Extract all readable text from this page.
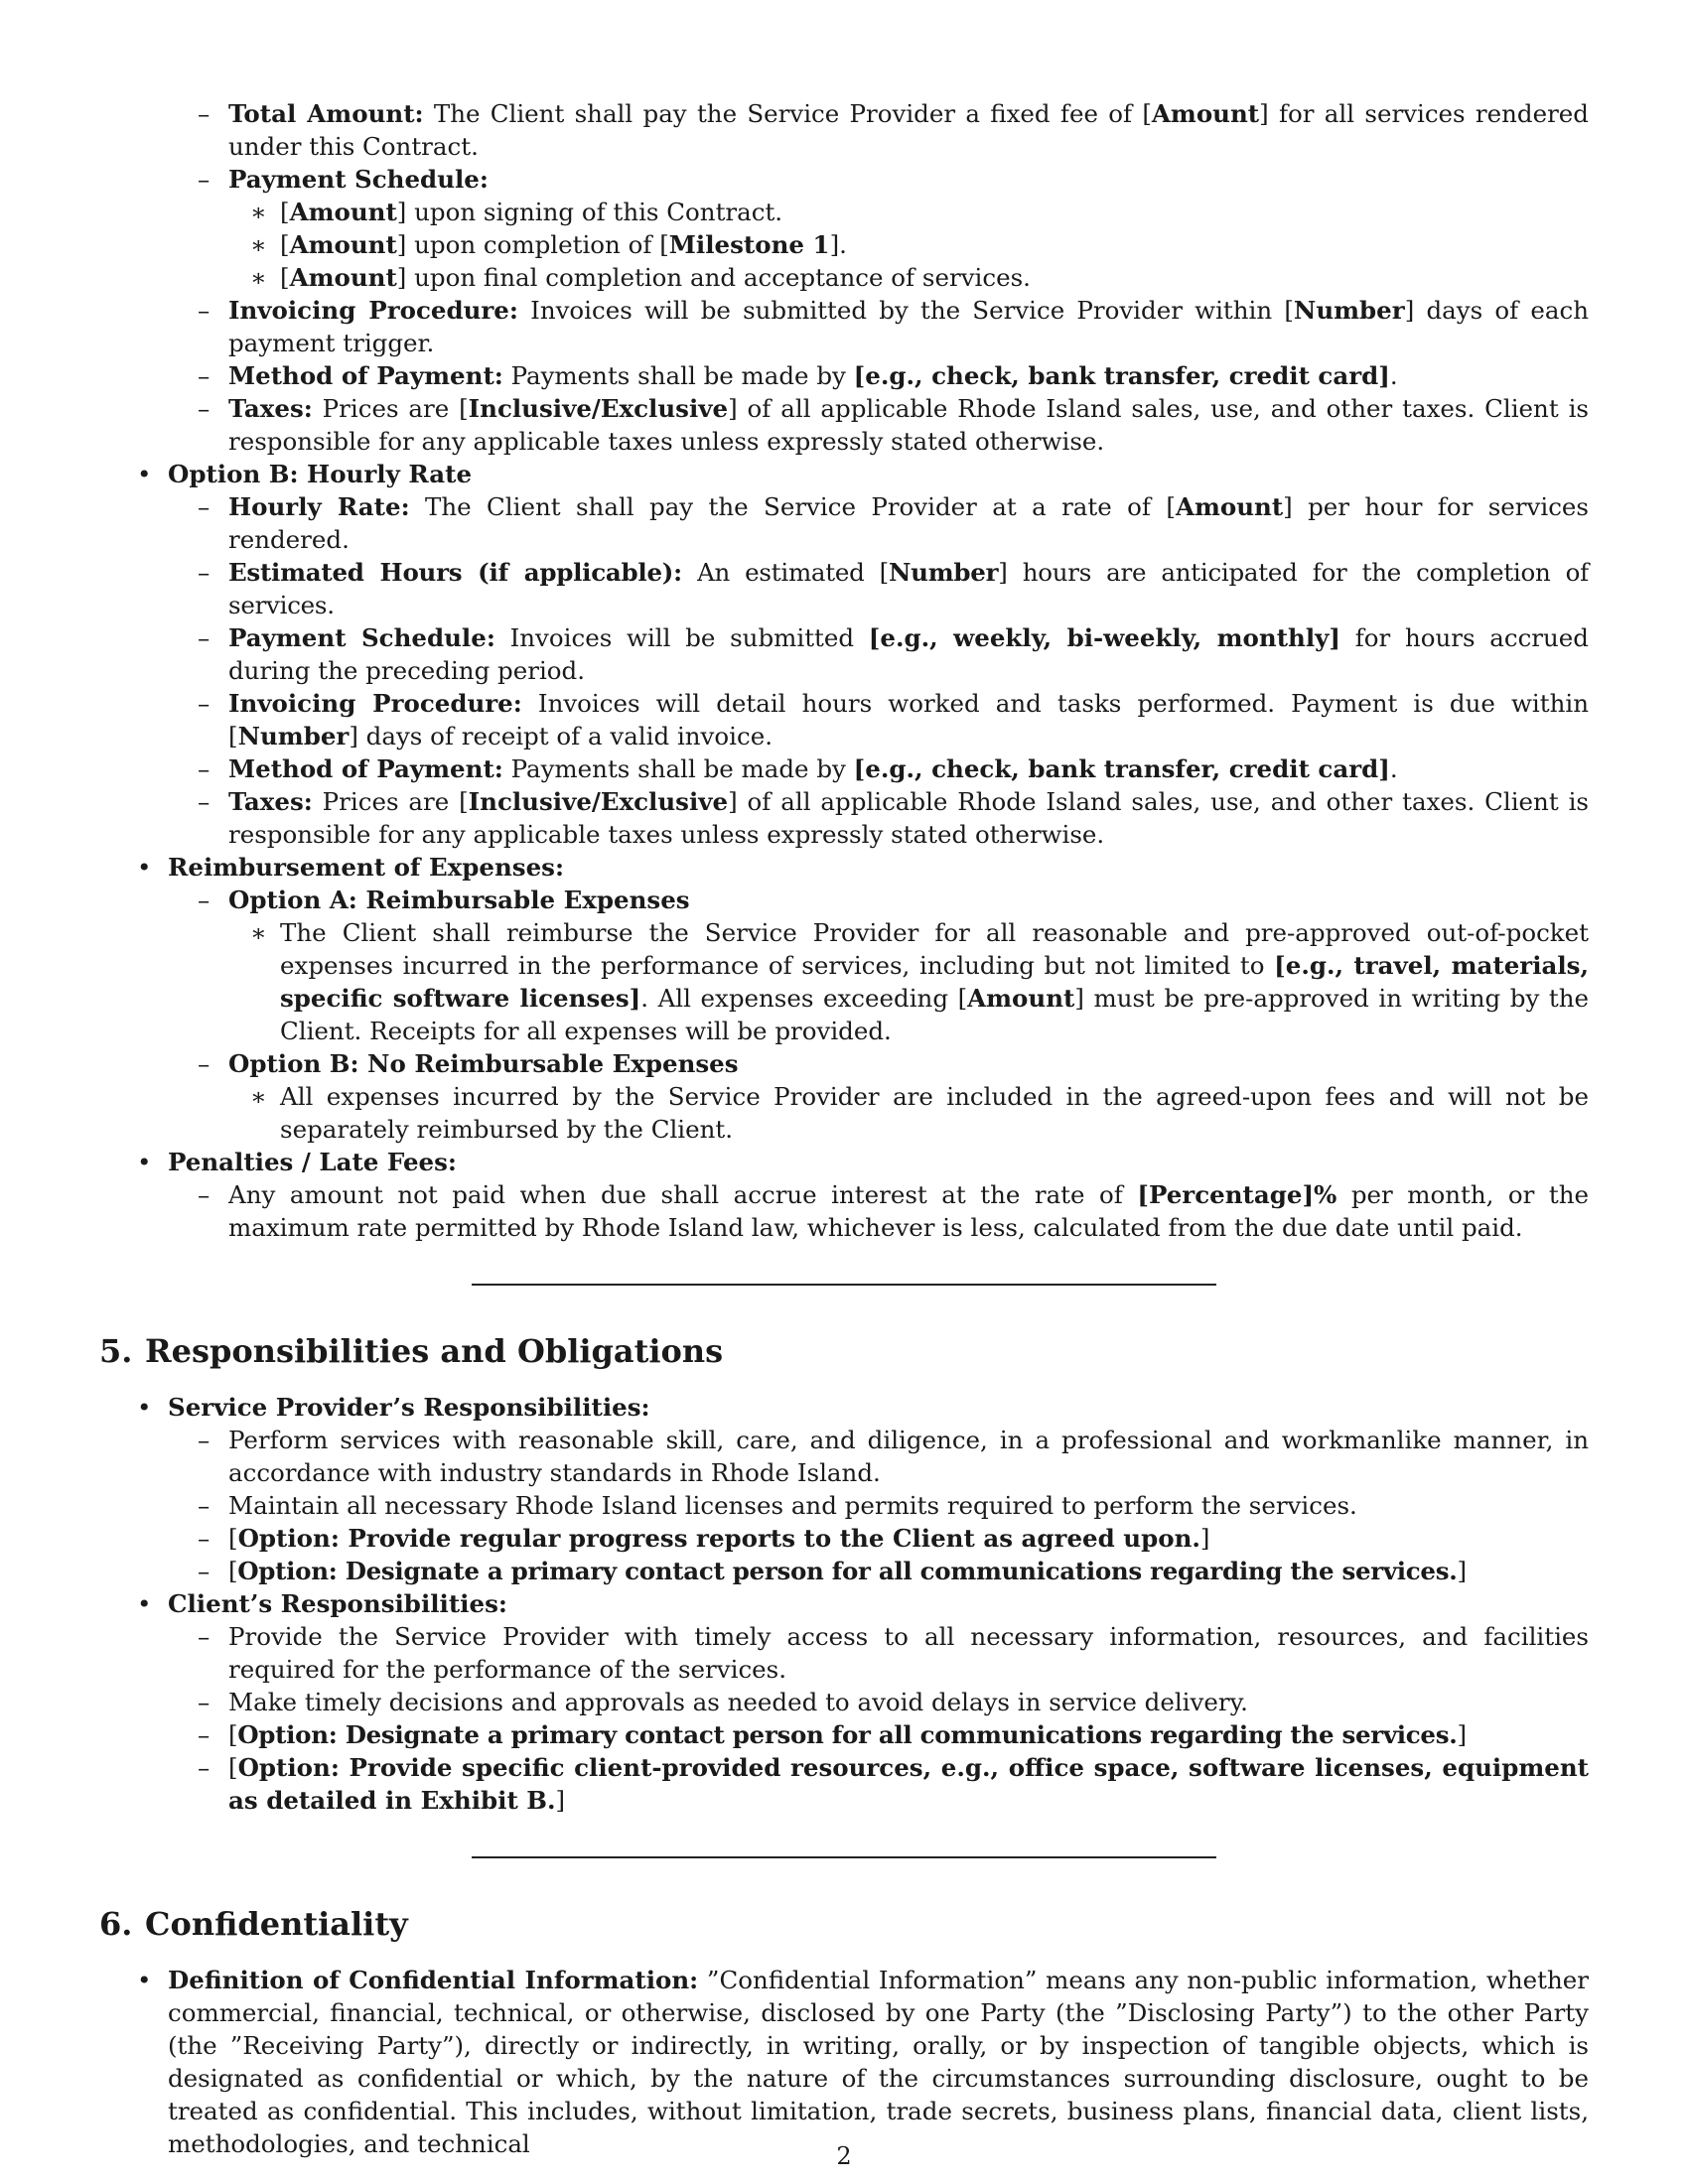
– Total Amount: The Client shall pay the Service Provider a fixed fee of [Amount] for all services rendered under this Contract.
– Payment Schedule:
∗ [Amount] upon signing of this Contract.
∗ [Amount] upon completion of [Milestone 1].
∗ [Amount] upon final completion and acceptance of services.
– Invoicing Procedure: Invoices will be submitted by the Service Provider within [Number] days of each payment trigger.
– Method of Payment: Payments shall be made by [e.g., check, bank transfer, credit card].
– Taxes: Prices are [Inclusive/Exclusive] of all applicable Rhode Island sales, use, and other taxes. Client is responsible for any applicable taxes unless expressly stated otherwise.
• Option B: Hourly Rate
– Hourly Rate: The Client shall pay the Service Provider at a rate of [Amount] per hour for services rendered.
– Estimated Hours (if applicable): An estimated [Number] hours are anticipated for the completion of services.
– Payment Schedule: Invoices will be submitted [e.g., weekly, bi-weekly, monthly] for hours accrued during the preceding period.
– Invoicing Procedure: Invoices will detail hours worked and tasks performed. Payment is due within [Number] days of receipt of a valid invoice.
– Method of Payment: Payments shall be made by [e.g., check, bank transfer, credit card].
– Taxes: Prices are [Inclusive/Exclusive] of all applicable Rhode Island sales, use, and other taxes. Client is responsible for any applicable taxes unless expressly stated otherwise.
• Reimbursement of Expenses:
– Option A: Reimbursable Expenses
∗ The Client shall reimburse the Service Provider for all reasonable and pre-approved out-of-pocket expenses incurred in the performance of services, including but not limited to [e.g., travel, materials, specific software licenses]. All expenses exceeding [Amount] must be pre-approved in writing by the Client. Receipts for all expenses will be provided.
– Option B: No Reimbursable Expenses
∗ All expenses incurred by the Service Provider are included in the agreed-upon fees and will not be separately reimbursed by the Client.
• Penalties / Late Fees:
– Any amount not paid when due shall accrue interest at the rate of [Percentage]% per month, or the maximum rate permitted by Rhode Island law, whichever is less, calculated from the due date until paid.
5. Responsibilities and Obligations
• Service Provider’s Responsibilities:
– Perform services with reasonable skill, care, and diligence, in a professional and workmanlike manner, in accordance with industry standards in Rhode Island.
– Maintain all necessary Rhode Island licenses and permits required to perform the services.
– [Option: Provide regular progress reports to the Client as agreed upon.]
– [Option: Designate a primary contact person for all communications regarding the services.]
• Client’s Responsibilities:
– Provide the Service Provider with timely access to all necessary information, resources, and facilities required for the performance of the services.
– Make timely decisions and approvals as needed to avoid delays in service delivery.
– [Option: Designate a primary contact person for all communications regarding the services.]
– [Option: Provide specific client-provided resources, e.g., office space, software licenses, equipment as detailed in Exhibit B.]
6. Confidentiality
• Definition of Confidential Information: ”Confidential Information” means any non-public information, whether commercial, financial, technical, or otherwise, disclosed by one Party (the ”Disclosing Party”) to the other Party (the ”Receiving Party”), directly or indirectly, in writing, orally, or by inspection of tangible objects, which is designated as confidential or which, by the nature of the circumstances surrounding disclosure, ought to be treated as confidential. This includes, without limitation, trade secrets, business plans, financial data, client lists, methodologies, and technical	2
